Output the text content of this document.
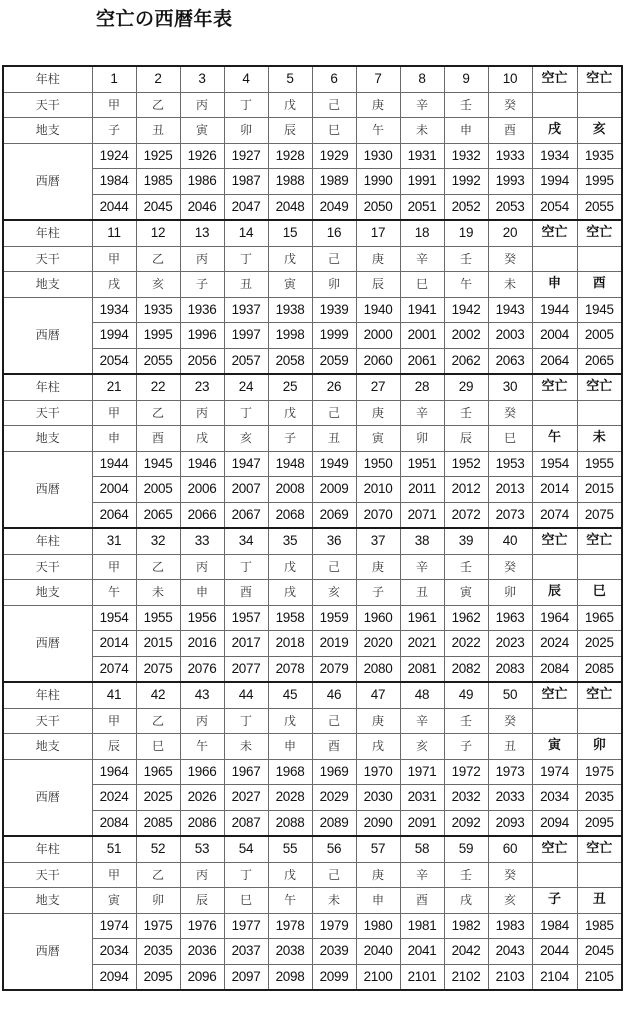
空亡の西暦年表
年柱	1	2	3	4	5	6	7	8	9	10	空亡	空亡
天干	甲	乙	丙	丁	戊	己	庚	辛	壬	癸		
地支	子	丑	寅	卯	辰	巳	午	未	申	酉	戌	亥
西暦	1924	1925	1926	1927	1928	1929	1930	1931	1932	1933	1934	1935
	1984	1985	1986	1987	1988	1989	1990	1991	1992	1993	1994	1995
	2044	2045	2046	2047	2048	2049	2050	2051	2052	2053	2054	2055
年柱	11	12	13	14	15	16	17	18	19	20	空亡	空亡
天干	甲	乙	丙	丁	戊	己	庚	辛	壬	癸		
地支	戌	亥	子	丑	寅	卯	辰	巳	午	未	申	酉
西暦	1934	1935	1936	1937	1938	1939	1940	1941	1942	1943	1944	1945
	1994	1995	1996	1997	1998	1999	2000	2001	2002	2003	2004	2005
	2054	2055	2056	2057	2058	2059	2060	2061	2062	2063	2064	2065
年柱	21	22	23	24	25	26	27	28	29	30	空亡	空亡
天干	甲	乙	丙	丁	戊	己	庚	辛	壬	癸		
地支	申	酉	戌	亥	子	丑	寅	卯	辰	巳	午	未
西暦	1944	1945	1946	1947	1948	1949	1950	1951	1952	1953	1954	1955
	2004	2005	2006	2007	2008	2009	2010	2011	2012	2013	2014	2015
	2064	2065	2066	2067	2068	2069	2070	2071	2072	2073	2074	2075
年柱	31	32	33	34	35	36	37	38	39	40	空亡	空亡
天干	甲	乙	丙	丁	戊	己	庚	辛	壬	癸		
地支	午	未	申	酉	戌	亥	子	丑	寅	卯	辰	巳
西暦	1954	1955	1956	1957	1958	1959	1960	1961	1962	1963	1964	1965
	2014	2015	2016	2017	2018	2019	2020	2021	2022	2023	2024	2025
	2074	2075	2076	2077	2078	2079	2080	2081	2082	2083	2084	2085
年柱	41	42	43	44	45	46	47	48	49	50	空亡	空亡
天干	甲	乙	丙	丁	戊	己	庚	辛	壬	癸		
地支	辰	巳	午	未	申	酉	戌	亥	子	丑	寅	卯
西暦	1964	1965	1966	1967	1968	1969	1970	1971	1972	1973	1974	1975
	2024	2025	2026	2027	2028	2029	2030	2031	2032	2033	2034	2035
	2084	2085	2086	2087	2088	2089	2090	2091	2092	2093	2094	2095
年柱	51	52	53	54	55	56	57	58	59	60	空亡	空亡
天干	甲	乙	丙	丁	戊	己	庚	辛	壬	癸		
地支	寅	卯	辰	巳	午	未	申	酉	戌	亥	子	丑
西暦	1974	1975	1976	1977	1978	1979	1980	1981	1982	1983	1984	1985
	2034	2035	2036	2037	2038	2039	2040	2041	2042	2043	2044	2045
	2094	2095	2096	2097	2098	2099	2100	2101	2102	2103	2104	2105
